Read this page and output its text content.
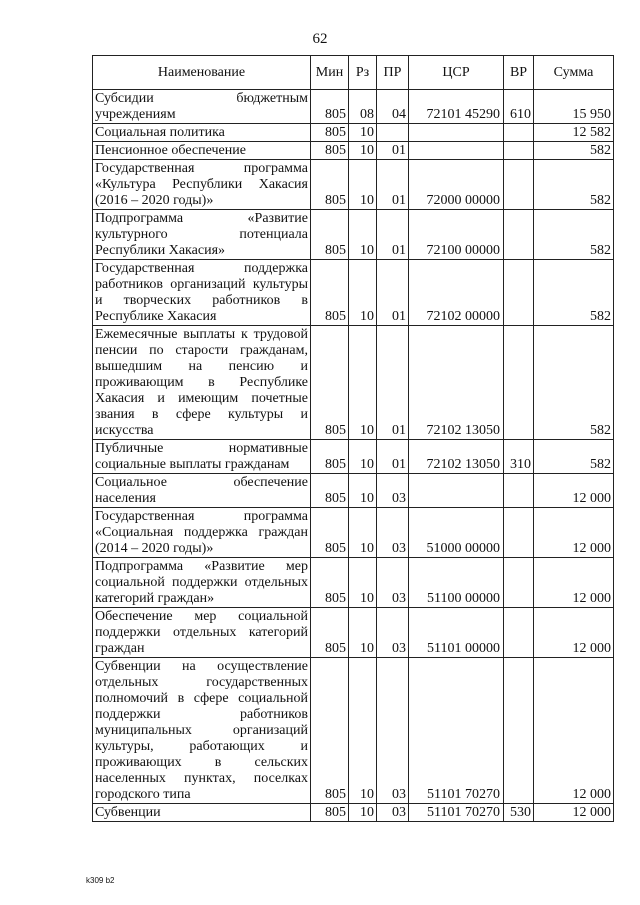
62
Наименование	Мин	Рз	ПР	ЦСР	ВР	Сумма
Субсидии бюджетным учреждениям	805	08	04	72101 45290	610	15 950
Социальная политика	805	10				12 582
Пенсионное обеспечение	805	10	01			582
Государственная программа «Культура Республики Хакасия (2016 – 2020 годы)»	805	10	01	72000 00000		582
Подпрограмма «Развитие культурного потенциала Республики Хакасия»	805	10	01	72100 00000		582
Государственная поддержка работников организаций культуры и творческих работников в Республике Хакасия	805	10	01	72102 00000		582
Ежемесячные выплаты к трудовой пенсии по старости гражданам, вышедшим на пенсию и проживающим в Республике Хакасия и имеющим почетные звания в сфере культуры и искусства	805	10	01	72102 13050		582
Публичные нормативные социальные выплаты гражданам	805	10	01	72102 13050	310	582
Социальное обеспечение населения	805	10	03			12 000
Государственная программа «Социальная поддержка граждан (2014 – 2020 годы)»	805	10	03	51000 00000		12 000
Подпрограмма «Развитие мер социальной поддержки отдельных категорий граждан»	805	10	03	51100 00000		12 000
Обеспечение мер социальной поддержки отдельных категорий граждан	805	10	03	51101 00000		12 000
Субвенции на осуществление отдельных государственных полномочий в сфере социальной поддержки работников муниципальных организаций культуры, работающих и проживающих в сельских населенных пунктах, поселках городского типа	805	10	03	51101 70270		12 000
Субвенции	805	10	03	51101 70270	530	12 000
k309 b2
